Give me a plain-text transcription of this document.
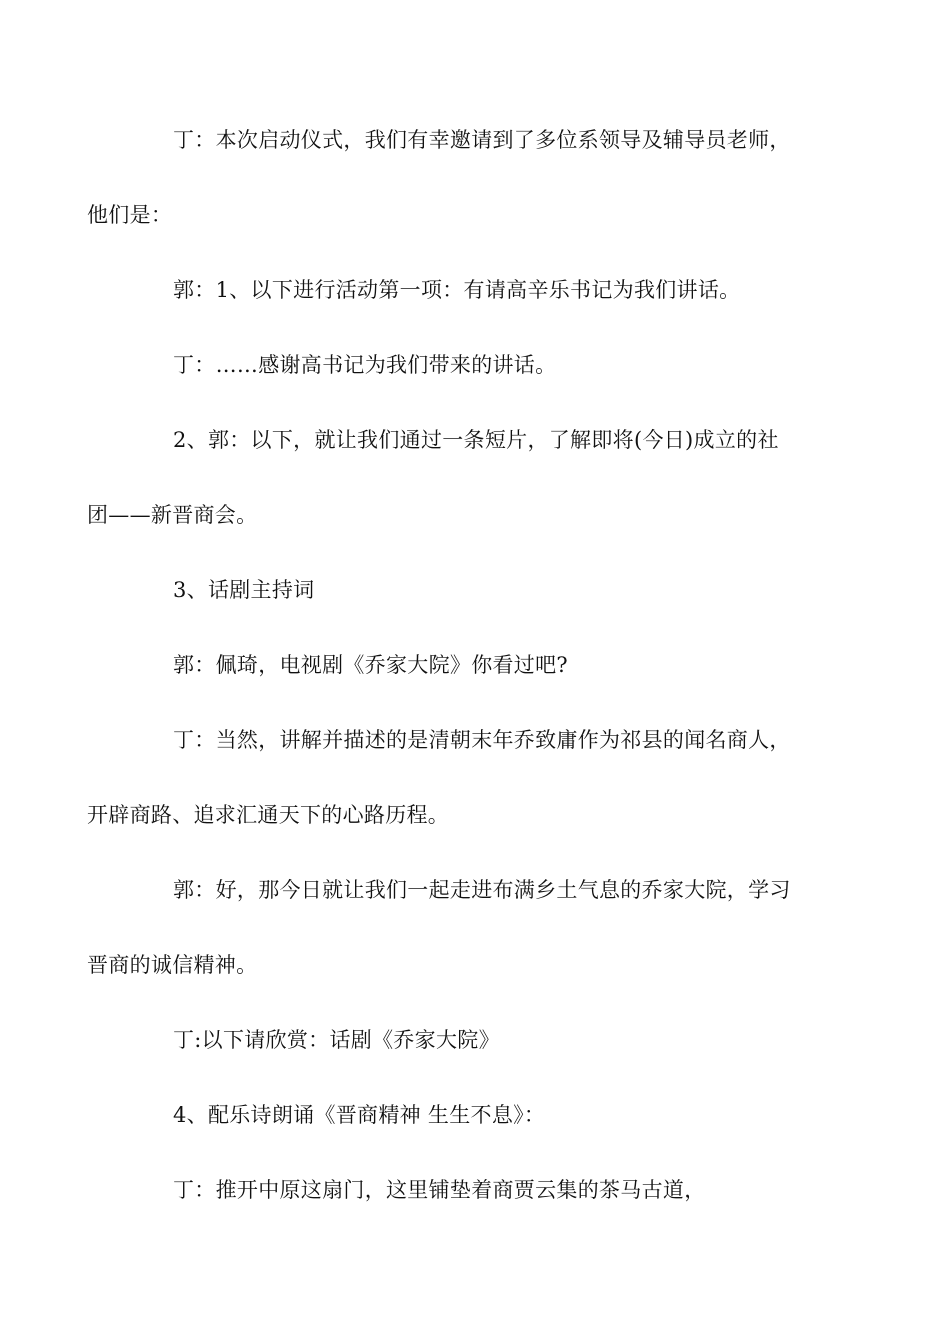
丁：本次启动仪式，我们有幸邀请到了多位系领导及辅导员老师，
他们是：
郭：1、以下进行活动第一项：有请高辛乐书记为我们讲话。
丁：……感谢高书记为我们带来的讲话。
2、郭：以下，就让我们通过一条短片，了解即将(今日)成立的社
团——新晋商会。
3、话剧主持词
郭：佩琦，电视剧《乔家大院》你看过吧?
丁：当然，讲解并描述的是清朝末年乔致庸作为祁县的闻名商人，
开辟商路、追求汇通天下的心路历程。
郭：好，那今日就让我们一起走进布满乡土气息的乔家大院，学习
晋商的诚信精神。
丁:以下请欣赏：话剧《乔家大院》
4、配乐诗朗诵《晋商精神 生生不息》：
丁：推开中原这扇门，这里铺垫着商贾云集的茶马古道，
